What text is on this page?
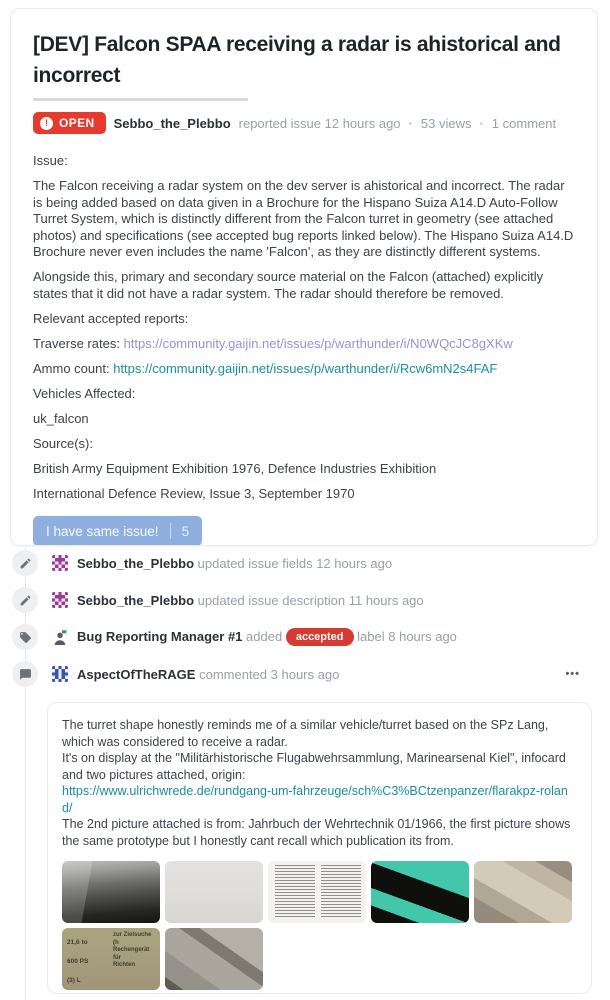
[DEV] Falcon SPAA receiving a radar is ahistorical and incorrect
! OPEN Sebbo_the_Plebbo reported issue 12 hours ago · 53 views · 1 comment

Issue:

The Falcon receiving a radar system on the dev server is ahistorical and incorrect. The radar is being added based on data given in a Brochure for the Hispano Suiza A14.D Auto-Follow Turret System, which is distinctly different from the Falcon turret in geometry (see attached photos) and specifications (see accepted bug reports linked below). The Hispano Suiza A14.D Brochure never even includes the name 'Falcon', as they are distinctly different systems.

Alongside this, primary and secondary source material on the Falcon (attached) explicitly states that it did not have a radar system. The radar should therefore be removed.

Relevant accepted reports:

Traverse rates: https://community.gaijin.net/issues/p/warthunder/i/N0WQcJC8gXKw

Ammo count: https://community.gaijin.net/issues/p/warthunder/i/Rcw6mN2s4FAF

Vehicles Affected:

uk_falcon

Source(s):

British Army Equipment Exhibition 1976, Defence Industries Exhibition

International Defence Review, Issue 3, September 1970

I have same issue! 5
Sebbo_the_Plebbo updated issue fields 12 hours ago
Sebbo_the_Plebbo updated issue description 11 hours ago
Bug Reporting Manager #1 added accepted label 8 hours ago
AspectOfTheRAGE commented 3 hours ago	•••
The turret shape honestly reminds me of a similar vehicle/turret based on the SPz Lang, which was considered to receive a radar.
It's on display at the "Militärhistorische Flugabwehrsammlung, Marinearsenal Kiel", infocard and two pictures attached, origin:
https://www.ulrichwrede.de/rundgang-um-fahrzeuge/sch%C3%BCtzenpanzer/flarakpz-roland/
The 2nd picture attached is from: Jahrbuch der Wehrtechnik 01/1966, the first picture shows the same prototype but I honestly cant recall which publication its from.
21,6 to
600 PS
(3) L
zur Zielsuche (h
Rechengerät für
Richten
